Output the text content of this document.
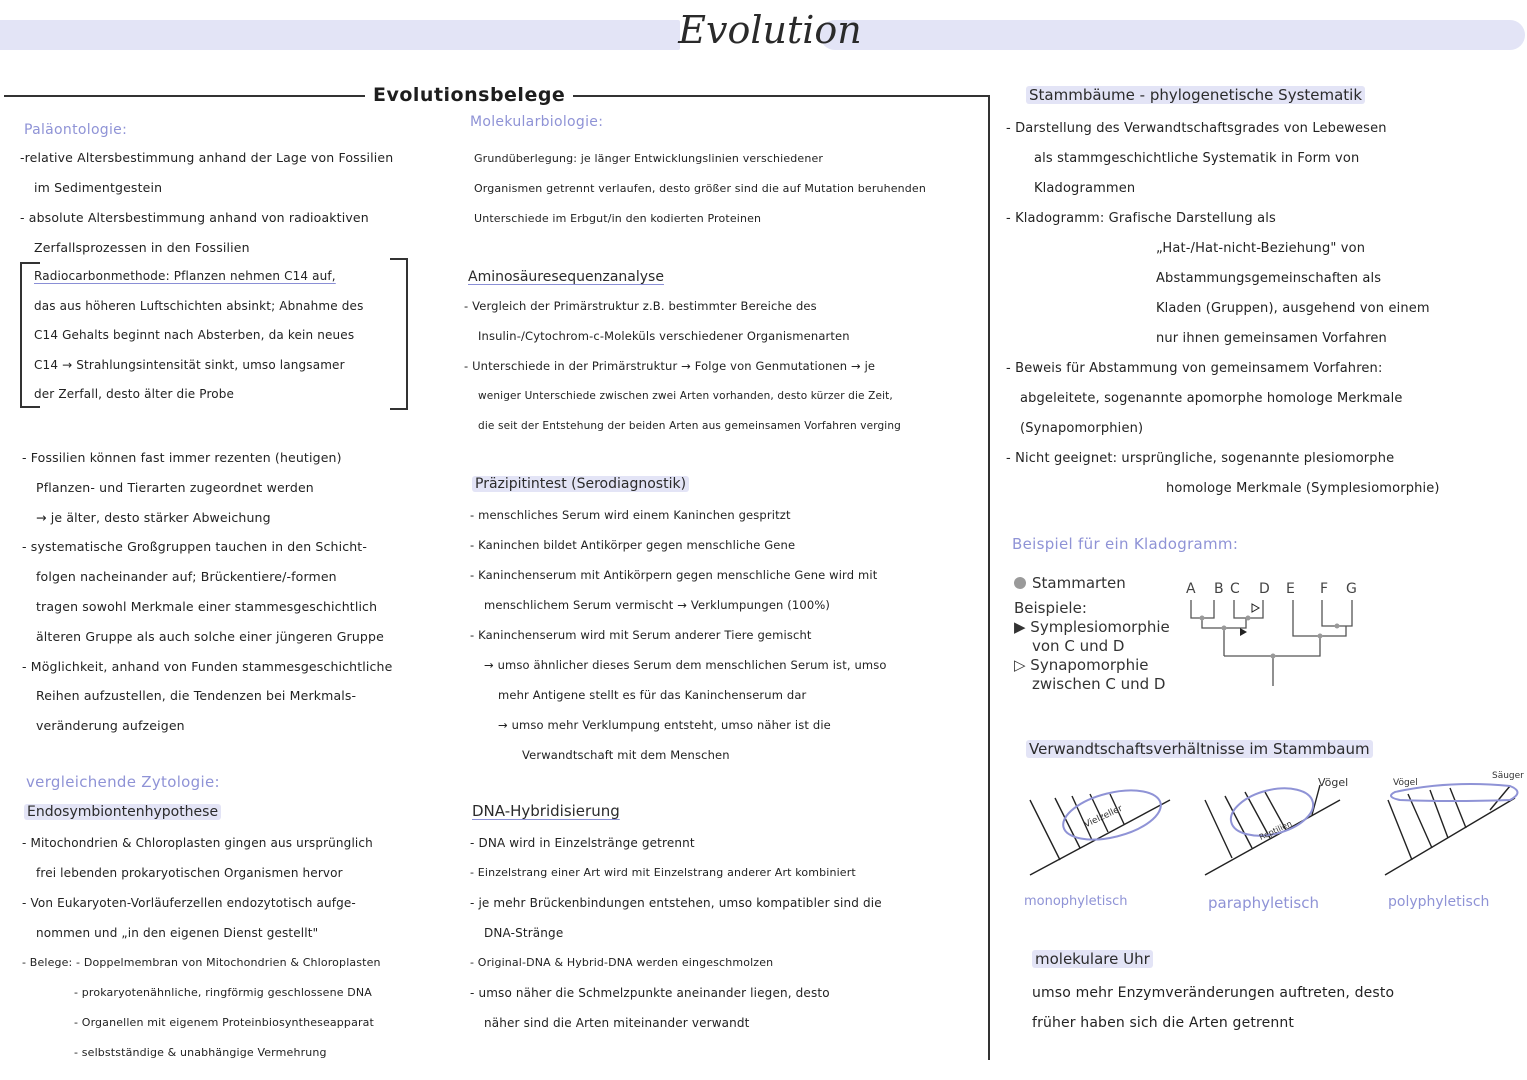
Evolution
Evolutionsbelege
Paläontologie:

-relative Altersbestimmung anhand der Lage von Fossilien

im Sedimentgestein

- absolute Altersbestimmung anhand von radioaktiven

Zerfallsprozessen in den Fossilien

Radiocarbonmethode: Pflanzen nehmen C14 auf,

das aus höheren Luftschichten absinkt; Abnahme des

C14 Gehalts beginnt nach Absterben, da kein neues

C14 → Strahlungsintensität sinkt, umso langsamer

der Zerfall, desto älter die Probe

- Fossilien können fast immer rezenten (heutigen)

Pflanzen- und Tierarten zugeordnet werden

→ je älter, desto stärker Abweichung

- systematische Großgruppen tauchen in den Schicht-

folgen nacheinander auf; Brückentiere/-formen

tragen sowohl Merkmale einer stammesgeschichtlich

älteren Gruppe als auch solche einer jüngeren Gruppe

- Möglichkeit, anhand von Funden stammesgeschichtliche

Reihen aufzustellen, die Tendenzen bei Merkmals-

veränderung aufzeigen

vergleichende Zytologie:
Endosymbiontenhypothese

- Mitochondrien & Chloroplasten gingen aus ursprünglich

frei lebenden prokaryotischen Organismen hervor

- Von Eukaryoten-Vorläuferzellen endozytotisch aufge-

nommen und „in den eigenen Dienst gestellt"

- Belege: - Doppelmembran von Mitochondrien & Chloroplasten

- prokaryotenähnliche, ringförmig geschlossene DNA

- Organellen mit eigenem Proteinbiosyntheseapparat

- selbstständige & unabhängige Vermehrung

Molekularbiologie:

Grundüberlegung: je länger Entwicklungslinien verschiedener

Organismen getrennt verlaufen, desto größer sind die auf Mutation beruhenden

Unterschiede im Erbgut/in den kodierten Proteinen

Aminosäuresequenzanalyse

- Vergleich der Primärstruktur z.B. bestimmter Bereiche des

Insulin-/Cytochrom-c-Moleküls verschiedener Organismenarten

- Unterschiede in der Primärstruktur → Folge von Genmutationen → je

weniger Unterschiede zwischen zwei Arten vorhanden, desto kürzer die Zeit,

die seit der Entstehung der beiden Arten aus gemeinsamen Vorfahren verging

Präzipitintest (Serodiagnostik)

- menschliches Serum wird einem Kaninchen gespritzt

- Kaninchen bildet Antikörper gegen menschliche Gene

- Kaninchenserum mit Antikörpern gegen menschliche Gene wird mit

menschlichem Serum vermischt → Verklumpungen (100%)

- Kaninchenserum wird mit Serum anderer Tiere gemischt

→ umso ähnlicher dieses Serum dem menschlichen Serum ist, umso

mehr Antigene stellt es für das Kaninchenserum dar

→ umso mehr Verklumpung entsteht, umso näher ist die

Verwandtschaft mit dem Menschen

DNA-Hybridisierung

- DNA wird in Einzelstränge getrennt

- Einzelstrang einer Art wird mit Einzelstrang anderer Art kombiniert

- je mehr Brückenbindungen entstehen, umso kompatibler sind die

DNA-Stränge

- Original-DNA & Hybrid-DNA werden eingeschmolzen

- umso näher die Schmelzpunkte aneinander liegen, desto

näher sind die Arten miteinander verwandt

Stammbäume - phylogenetische Systematik

- Darstellung des Verwandtschaftsgrades von Lebewesen

als stammgeschichtliche Systematik in Form von

Kladogrammen

- Kladogramm: Grafische Darstellung als

„Hat-/Hat-nicht-Beziehung" von

Abstammungsgemeinschaften als

Kladen (Gruppen), ausgehend von einem

nur ihnen gemeinsamen Vorfahren

- Beweis für Abstammung von gemeinsamem Vorfahren:

abgeleitete, sogenannte apomorphe homologe Merkmale

(Synapomorphien)

- Nicht geeignet: ursprüngliche, sogenannte plesiomorphe

homologe Merkmale (Symplesiomorphie)

Beispiel für ein Kladogramm:

Stammarten

Beispiele:

▶ Symplesiomorphie

von C und D

▷ Synapomorphie

zwischen C und D

A B C D E F G
Verwandtschaftsverhältnisse im Stammbaum
Vielzeller
Reptilien
Vögel	Vögel
Säuger
monophyletisch	paraphyletisch	polyphyletisch
molekulare Uhr

umso mehr Enzymveränderungen auftreten, desto

früher haben sich die Arten getrennt
